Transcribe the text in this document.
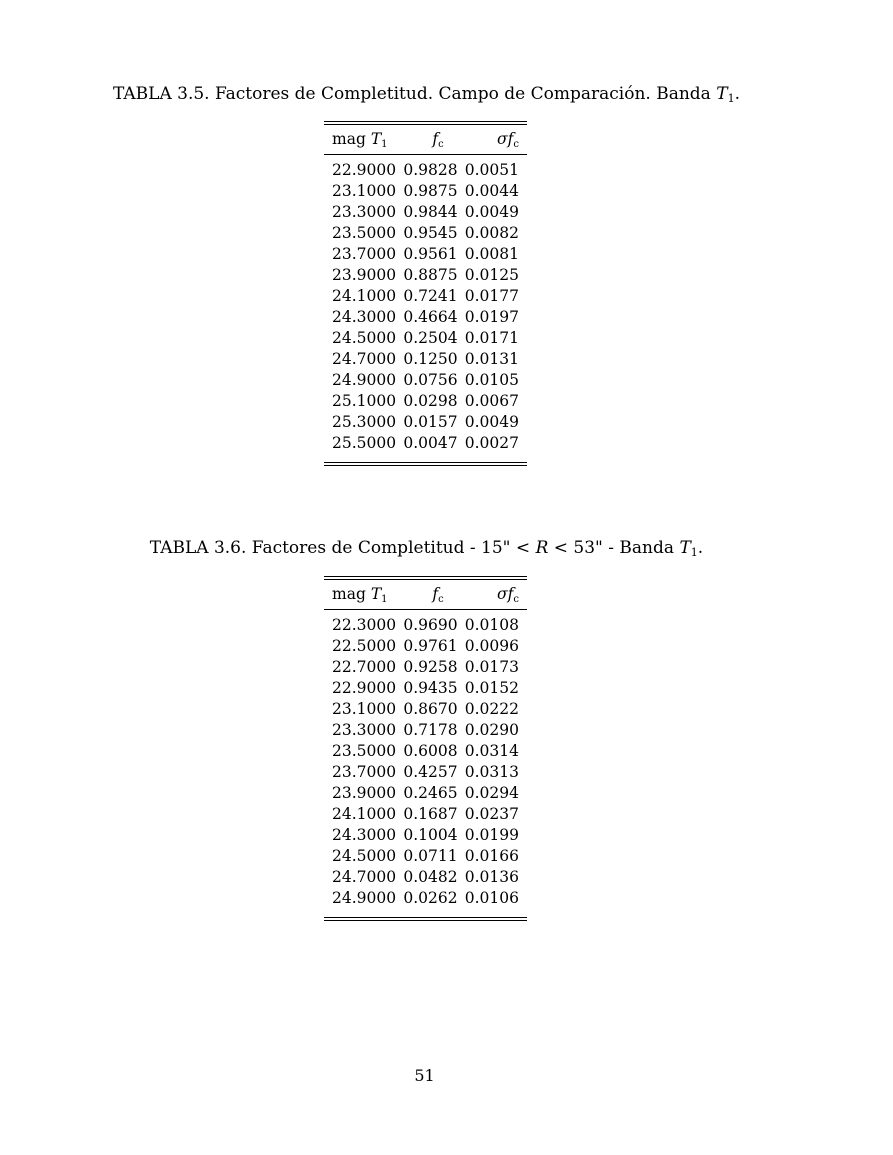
TABLA 3.5. Factores de Completitud. Campo de Comparación. Banda $T_1$.
mag $T_1$	$f_c$	$\sigma f_c$

22.9000	0.9828	0.0051
23.1000	0.9875	0.0044
23.3000	0.9844	0.0049
23.5000	0.9545	0.0082
23.7000	0.9561	0.0081
23.9000	0.8875	0.0125
24.1000	0.7241	0.0177
24.3000	0.4664	0.0197
24.5000	0.2504	0.0171
24.7000	0.1250	0.0131
24.9000	0.0756	0.0105
25.1000	0.0298	0.0067
25.3000	0.0157	0.0049
25.5000	0.0047	0.0027

TABLA 3.6. Factores de Completitud - 15" < R < 53" - Banda $T_1$.
mag $T_1$	$f_c$	$\sigma f_c$

22.3000	0.9690	0.0108
22.5000	0.9761	0.0096
22.7000	0.9258	0.0173
22.9000	0.9435	0.0152
23.1000	0.8670	0.0222
23.3000	0.7178	0.0290
23.5000	0.6008	0.0314
23.7000	0.4257	0.0313
23.9000	0.2465	0.0294
24.1000	0.1687	0.0237
24.3000	0.1004	0.0199
24.5000	0.0711	0.0166
24.7000	0.0482	0.0136
24.9000	0.0262	0.0106

51
